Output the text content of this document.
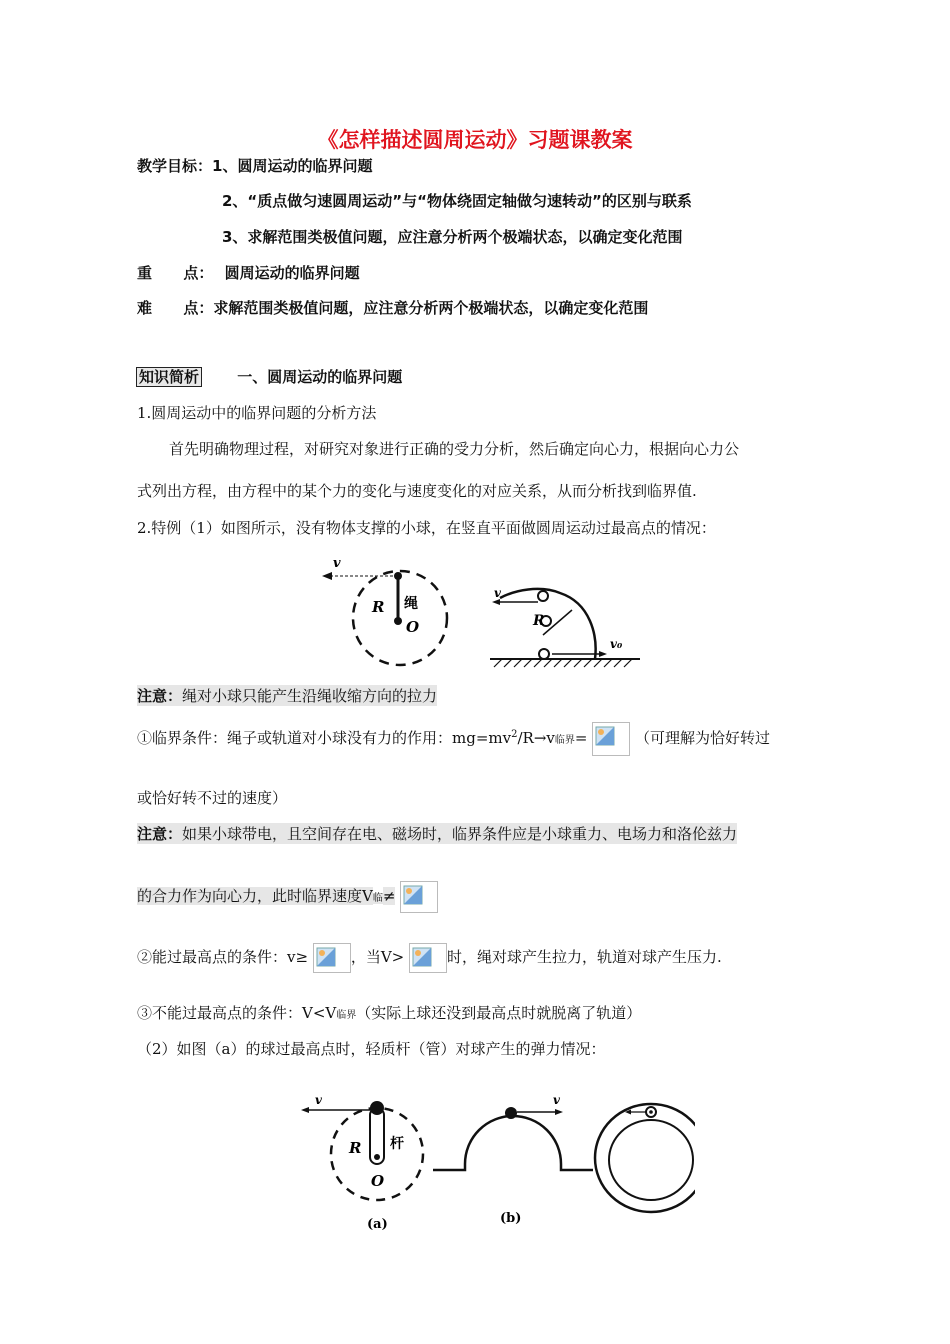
《怎样描述圆周运动》习题课教案
教学目标：1、圆周运动的临界问题
2、“质点做匀速圆周运动”与“物体绕固定轴做匀速转动”的区别与联系
3、求解范围类极值问题，应注意分析两个极端状态，以确定变化范围
重      点： 圆周运动的临界问题
难      点：求解范围类极值问题，应注意分析两个极端状态，以确定变化范围
知识简析	一、圆周运动的临界问题
1.圆周运动中的临界问题的分析方法
首先明确物理过程，对研究对象进行正确的受力分析，然后确定向心力，根据向心力公
式列出方程，由方程中的某个力的变化与速度变化的对应关系，从而分析找到临界值.
2.特例（1）如图所示，没有物体支撑的小球，在竖直平面做圆周运动过最高点的情况：
v
R 绳
O
v
R
v₀
注意：绳对小球只能产生沿绳收缩方向的拉力
①临界条件：绳子或轨道对小球没有力的作用：$mg=mv^2/R\to v$临界=	（可理解为恰好转过
或恰好转不过的速度）
注意：如果小球带电，且空间存在电、磁场时，临界条件应是小球重力、电场力和洛伦兹力
的合力作为向心力，此时临界速度V临≠
②能过最高点的条件：v≥	，当V>	时，绳对球产生拉力，轨道对球产生压力.
③不能过最高点的条件：V<V临界（实际上球还没到最高点时就脱离了轨道）
（2）如图（a）的球过最高点时，轻质杆（管）对球产生的弹力情况：
v
R 杆
O
(a)
v
(b)
